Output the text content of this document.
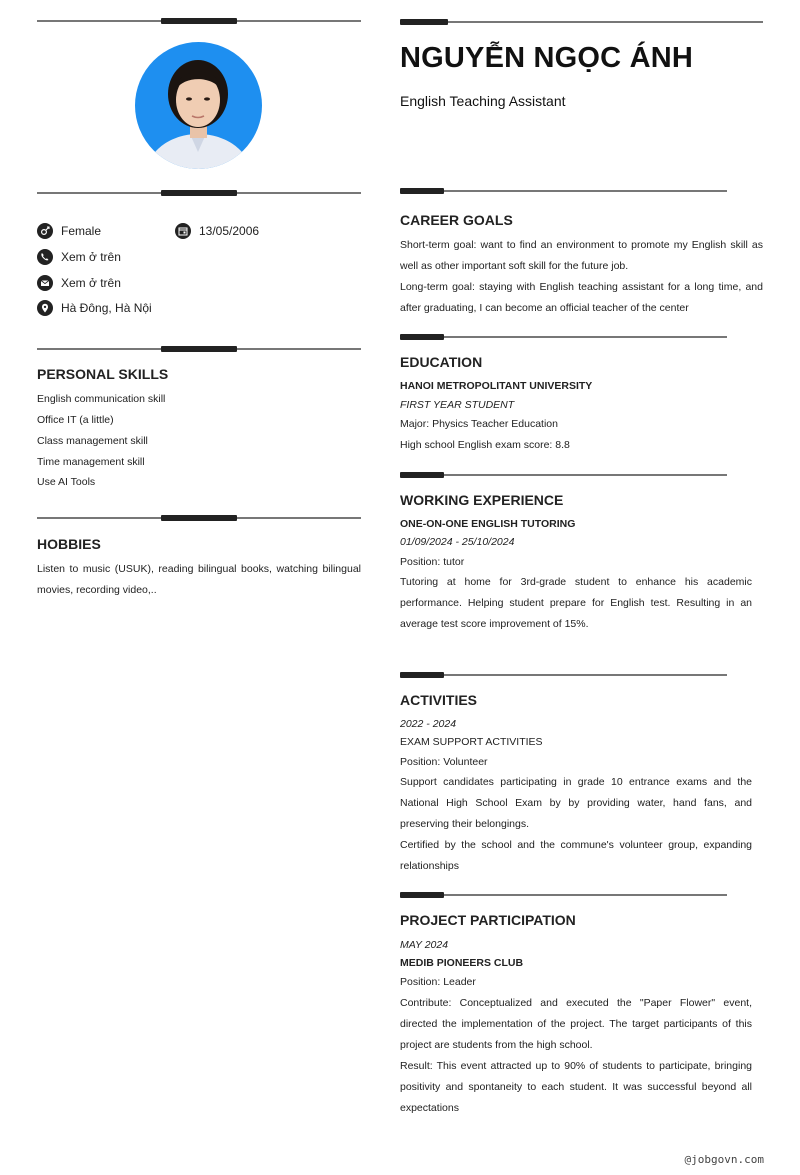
Female	13/05/2006
Xem ở trên
Xem ở trên
Hà Đông, Hà Nội
PERSONAL SKILLS
English communication skill
Office IT (a little)
Class management skill
Time management skill
Use AI Tools
HOBBIES

Listen to music (USUK), reading bilingual books, watching bilingual movies, recording video,..

NGUYỄN NGỌC ÁNH
English Teaching Assistant
CAREER GOALS

Short-term goal: want to find an environment to promote my English skill as well as other important soft skill for the future job.

Long-term goal: staying with English teaching assistant for a long time, and after graduating, I can become an official teacher of the center

EDUCATION
HANOI METROPOLITANT UNIVERSITY
FIRST YEAR STUDENT
Major: Physics Teacher Education
High school English exam score: 8.8
WORKING EXPERIENCE
ONE-ON-ONE ENGLISH TUTORING
01/09/2024 - 25/10/2024
Position: tutor

Tutoring at home for 3rd-grade student to enhance his academic performance. Helping student prepare for English test. Resulting in an average test score improvement of 15%.

ACTIVITIES
2022 - 2024
EXAM SUPPORT ACTIVITIES
Position: Volunteer

Support candidates participating in grade 10 entrance exams and the National High School Exam by by providing water, hand fans, and preserving their belongings.

Certified by the school and the commune's volunteer group, expanding relationships

PROJECT PARTICIPATION
MAY 2024
MEDIB PIONEERS CLUB
Position: Leader

Contribute: Conceptualized and executed the "Paper Flower" event, directed the implementation of the project. The target participants of this project are students from the high school.

Result: This event attracted up to 90% of students to participate, bringing positivity and spontaneity to each student. It was successful beyond all expectations

@jobgovn.com
